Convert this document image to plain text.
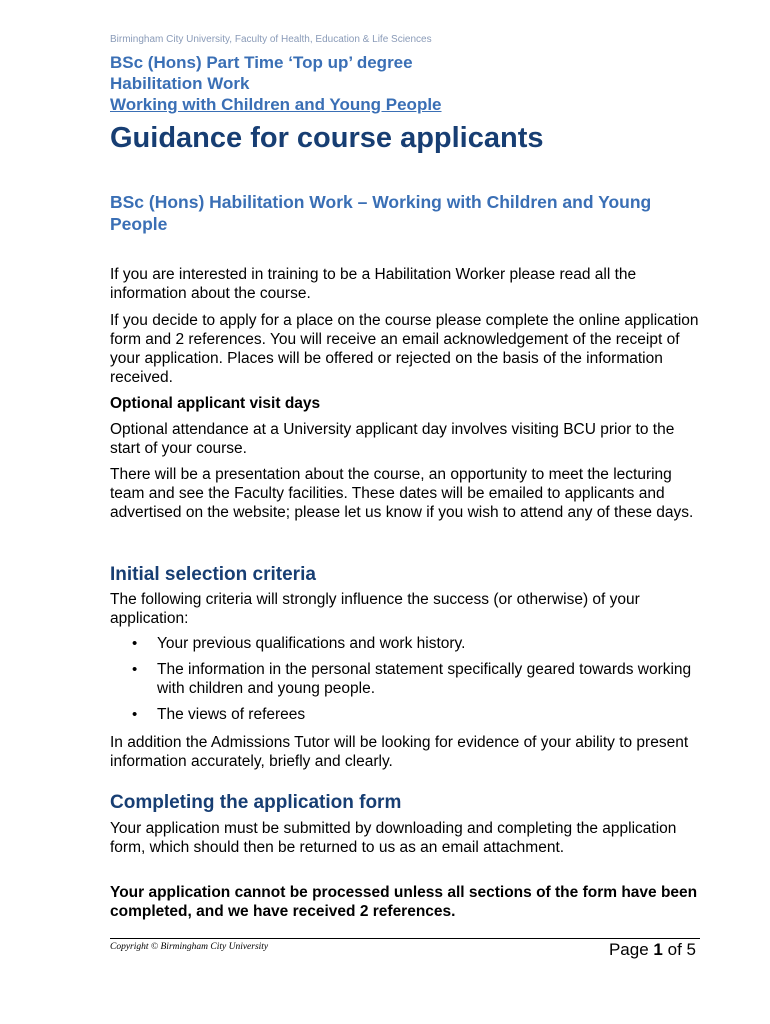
Birmingham City University, Faculty of Health, Education & Life Sciences
BSc (Hons) Part Time ‘Top up’ degree
Habilitation Work
Working with Children and Young People
Guidance for course applicants
BSc (Hons) Habilitation Work – Working with Children and Young People
If you are interested in training to be a Habilitation Worker please read all the information about the course.
If you decide to apply for a place on the course please complete the online application form and 2 references. You will receive an email acknowledgement of the receipt of your application. Places will be offered or rejected on the basis of the information received.
Optional applicant visit days
Optional attendance at a University applicant day involves visiting BCU prior to the start of your course.
There will be a presentation about the course, an opportunity to meet the lecturing team and see the Faculty facilities. These dates will be emailed to applicants and advertised on the website; please let us know if you wish to attend any of these days.
Initial selection criteria
The following criteria will strongly influence the success (or otherwise) of your application:
• Your previous qualifications and work history.
• The information in the personal statement specifically geared towards working with children and young people.
• The views of referees
In addition the Admissions Tutor will be looking for evidence of your ability to present information accurately, briefly and clearly.
Completing the application form
Your application must be submitted by downloading and completing the application form, which should then be returned to us as an email attachment.
Your application cannot be processed unless all sections of the form have been completed, and we have received 2 references.
Copyright © Birmingham City University	Page 1 of 5
